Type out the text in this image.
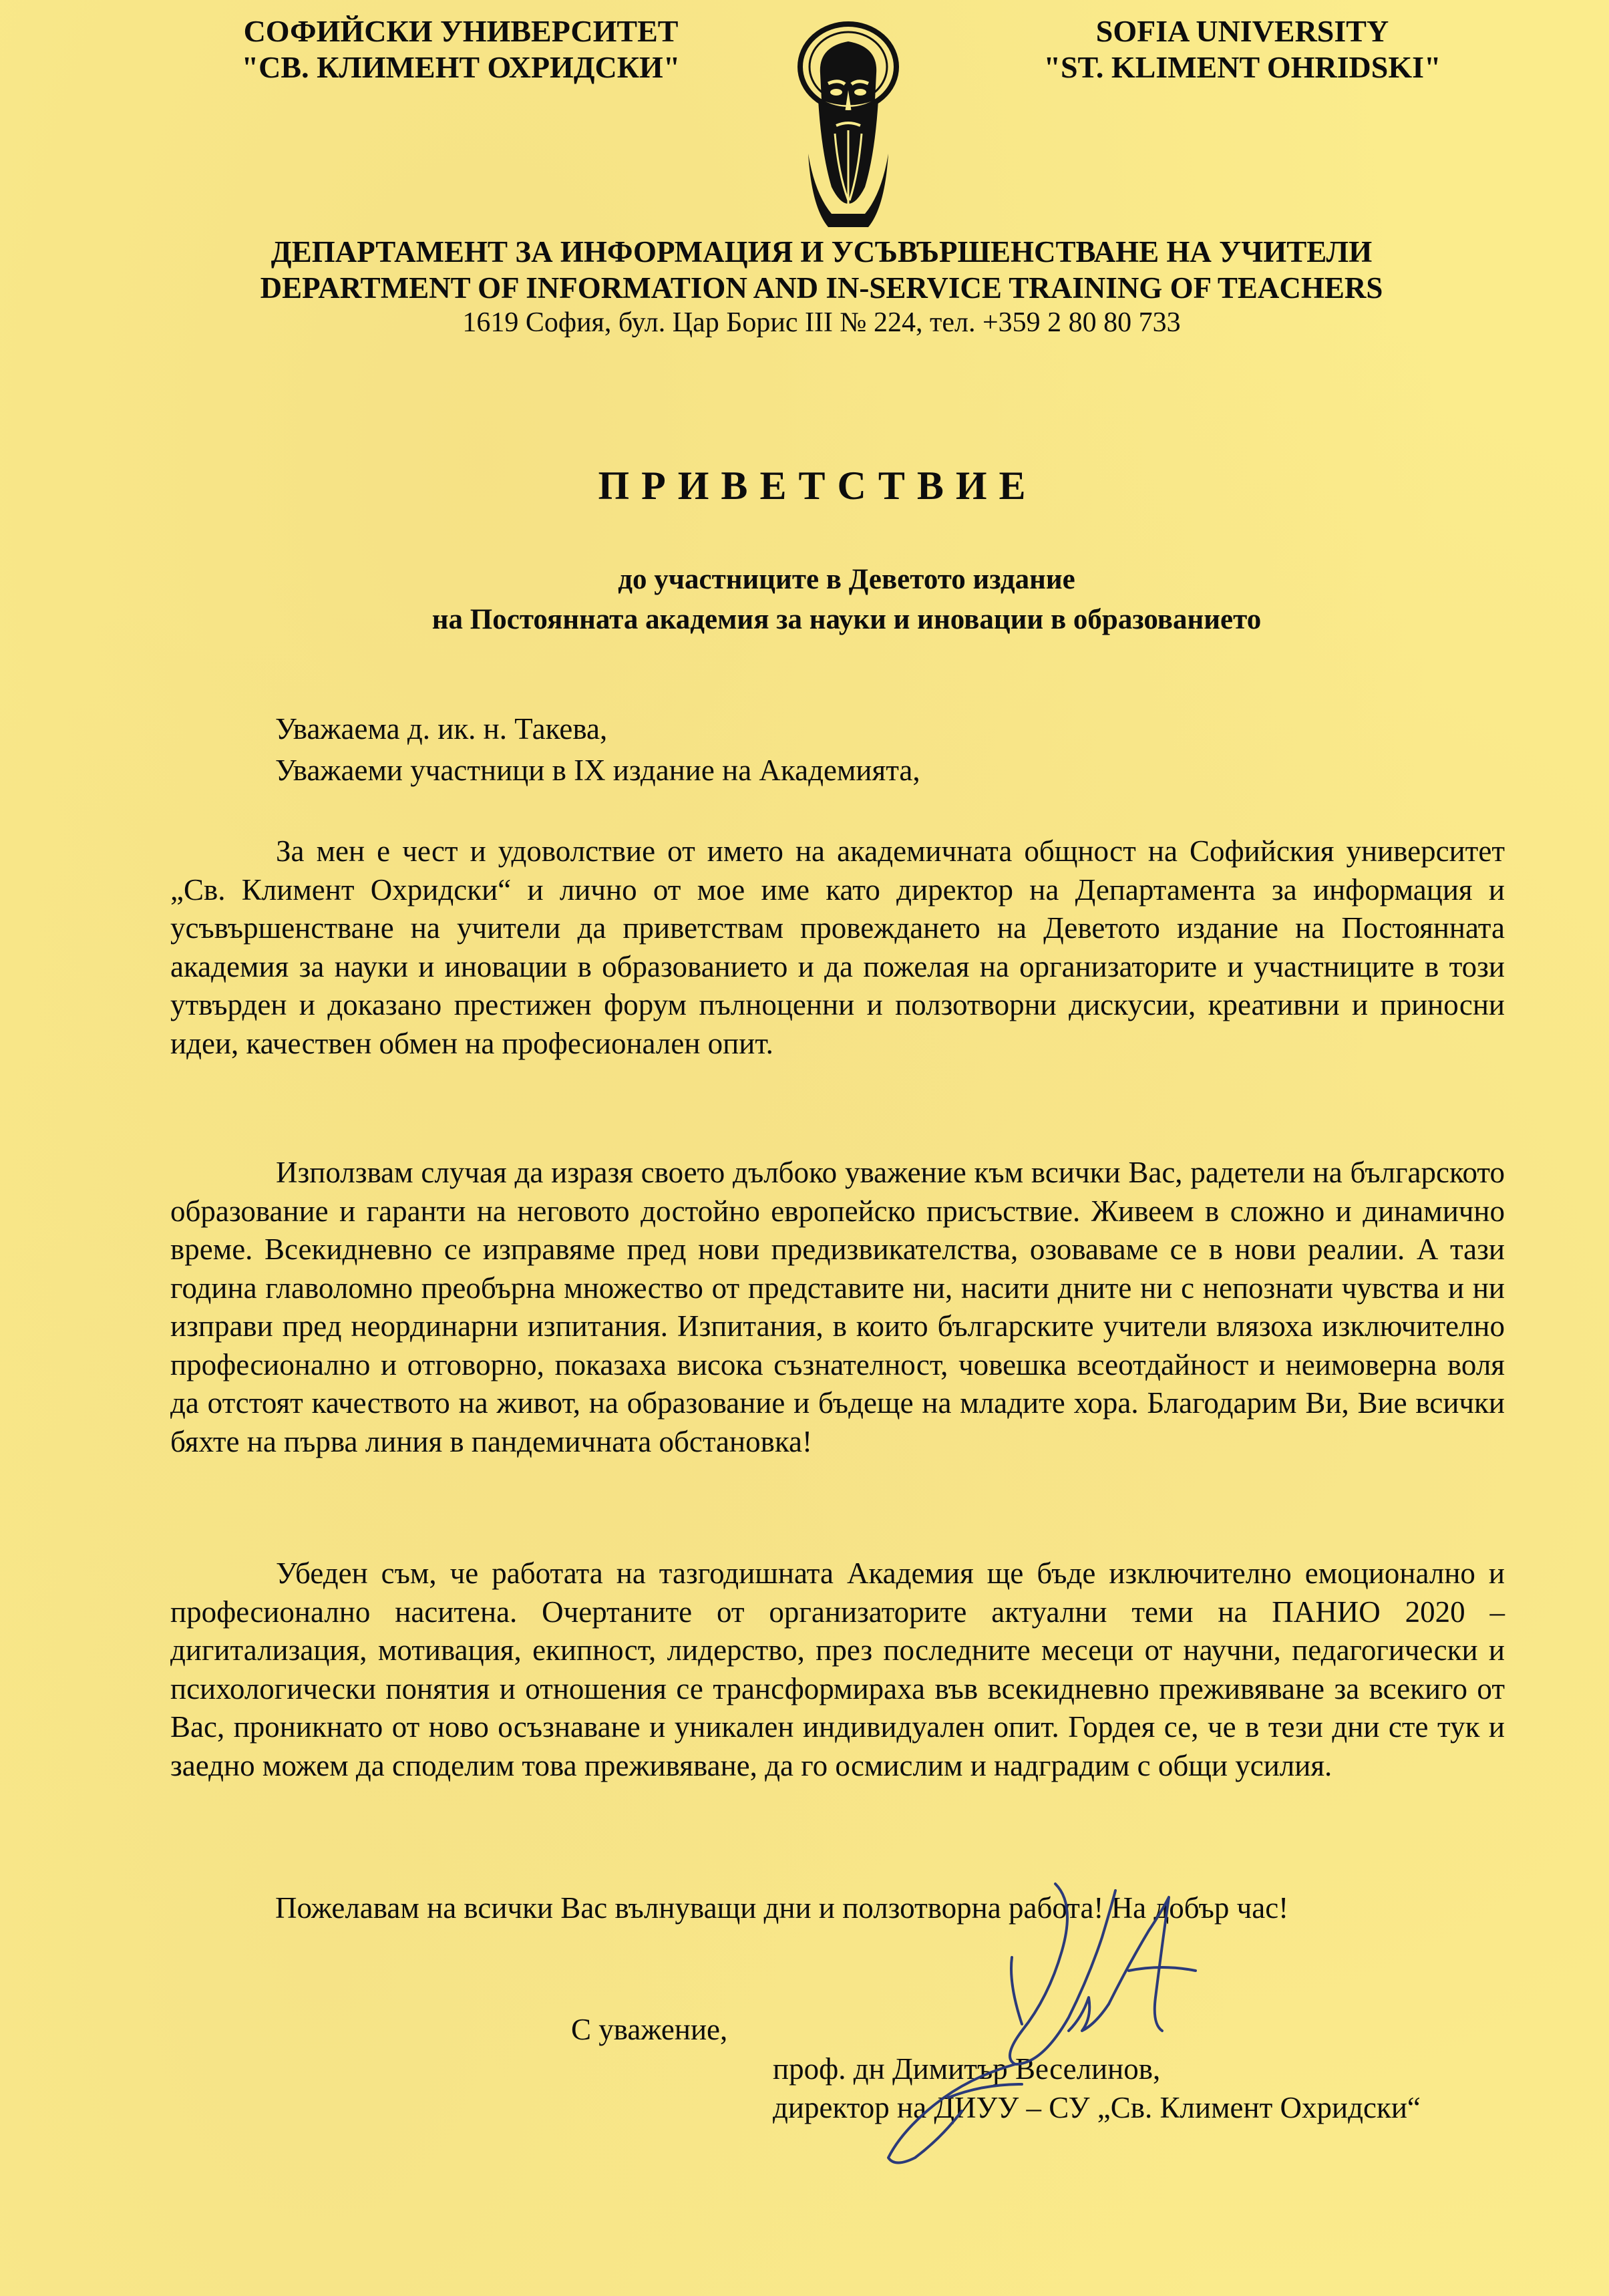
СОФИЙСКИ УНИВЕРСИТЕТ
"СВ. КЛИМЕНТ ОХРИДСКИ"
SOFIA UNIVERSITY
"ST. KLIMENT OHRIDSKI"
ДЕПАРТАМЕНТ ЗА ИНФОРМАЦИЯ И УСЪВЪРШЕНСТВАНЕ НА УЧИТЕЛИ
DEPARTMENT OF INFORMATION AND IN-SERVICE TRAINING OF TEACHERS
1619 София, бул. Цар Борис III № 224, тел. +359 2 80 80 733
ПРИВЕТСТВИЕ
до участниците в Деветото издание
на Постоянната академия за науки и иновации в образованието
Уважаема д. ик. н. Такева,
Уважаеми участници в IX издание на Академията,

За мен е чест и удоволствие от името на академичната общност на Софийския университет „Св. Климент Охридски“ и лично от мое име като директор на Департамента за информация и усъвършенстване на учители да приветствам провеждането на Деветото издание на Постоянната академия за науки и иновации в образованието и да пожелая на организаторите и участниците в този утвърден и доказано престижен форум пълноценни и ползотворни дискусии, креативни и приносни идеи, качествен обмен на професионален опит.

Използвам случая да изразя своето дълбоко уважение към всички Вас, радетели на българското образование и гаранти на неговото достойно европейско присъствие. Живеем в сложно и динамично време. Всекидневно се изправяме пред нови предизвикателства, озоваваме се в нови реалии. А тази година главоломно преобърна множество от представите ни, насити дните ни с непознати чувства и ни изправи пред неординарни изпитания. Изпитания, в които българските учители влязоха изключително професионално и отговорно, показаха висока съзнателност, човешка всеотдайност и неимоверна воля да отстоят качеството на живот, на образование и бъдеще на младите хора. Благодарим Ви, Вие всички бяхте на първа линия в пандемичната обстановка!

Убеден съм, че работата на тазгодишната Академия ще бъде изключително емоционално и професионално наситена. Очертаните от организаторите актуални теми на ПАНИО 2020 – дигитализация, мотивация, екипност, лидерство, през последните месеци от научни, педагогически и психологически понятия и отношения се трансформираха във всекидневно преживяване за всекиго от Вас, проникнато от ново осъзнаване и уникален индивидуален опит. Гордея се, че в тези дни сте тук и заедно можем да споделим това преживяване, да го осмислим и надградим с общи усилия.

Пожелавам на всички Вас вълнуващи дни и ползотворна работа! На добър час!
С уважение,
проф. дн Димитър Веселинов,
директор на ДИУУ – СУ „Св. Климент Охридски“
